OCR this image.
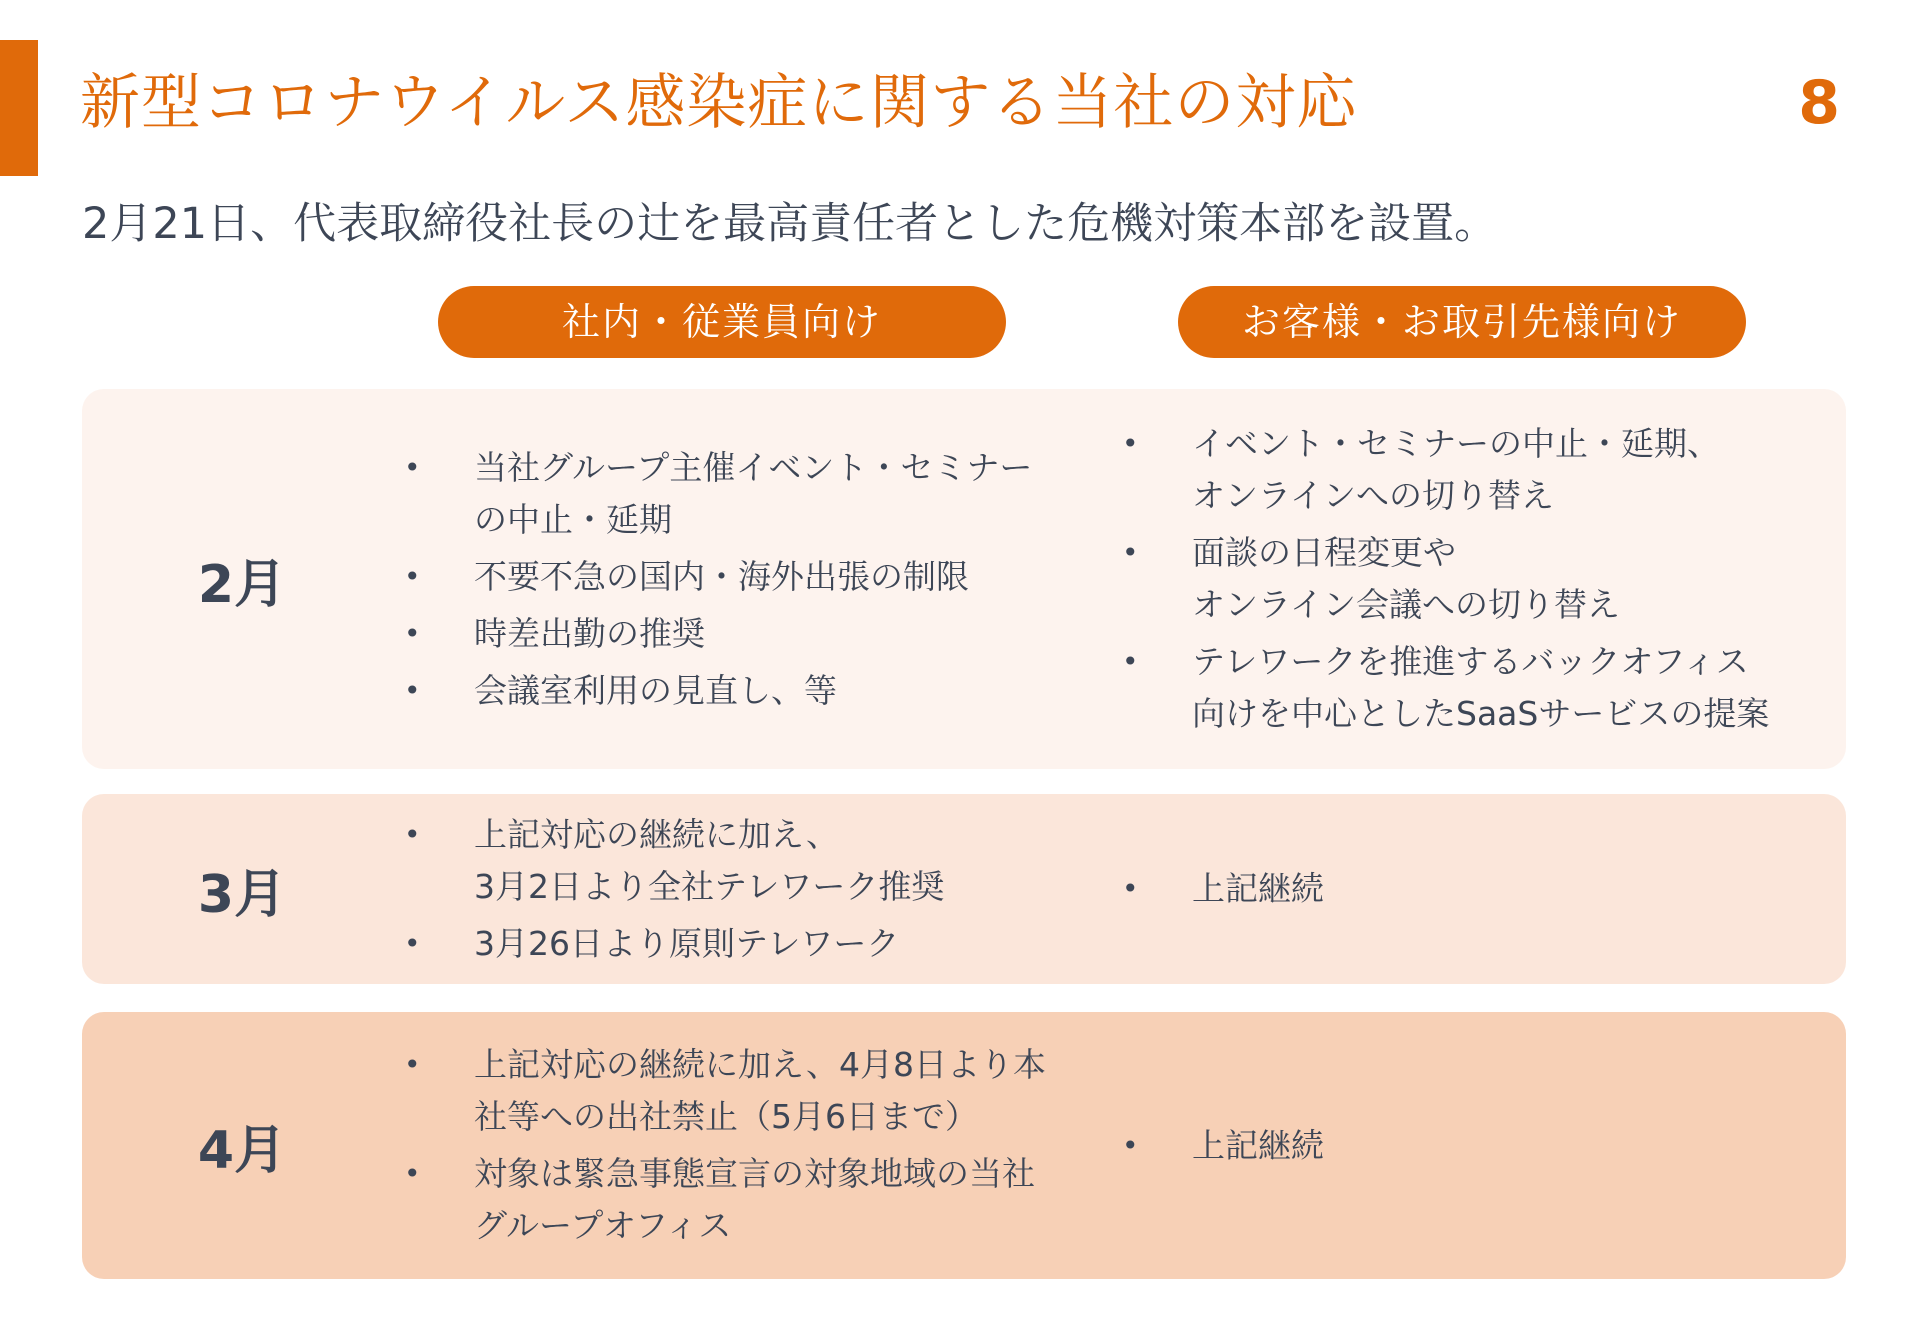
新型コロナウイルス感染症に関する当社の対応	8
2月21日、代表取締役社長の辻を最高責任者とした危機対策本部を設置。
社内・従業員向け	お客様・お取引先様向け
2月
• 当社グループ主催イベント・セミナー
の中止・延期
• 不要不急の国内・海外出張の制限
• 時差出勤の推奨
• 会議室利用の見直し、等
• イベント・セミナーの中止・延期、
オンラインへの切り替え
• 面談の日程変更や
オンライン会議への切り替え
• テレワークを推進するバックオフィス
向けを中心としたSaaSサービスの提案
3月
• 上記対応の継続に加え、
3月2日より全社テレワーク推奨
• 3月26日より原則テレワーク
• 上記継続
4月
• 上記対応の継続に加え、4月8日より本
社等への出社禁止（5月6日まで）
• 対象は緊急事態宣言の対象地域の当社
グループオフィス
• 上記継続
